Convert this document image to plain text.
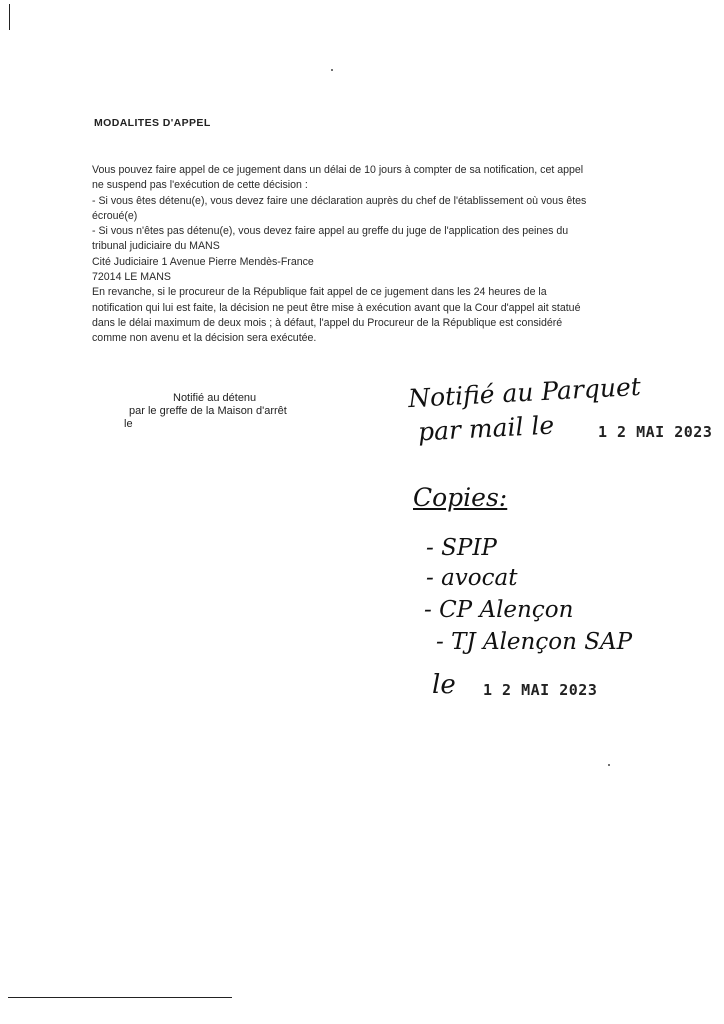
MODALITES D'APPEL
Vous pouvez faire appel de ce jugement dans un délai de 10 jours à compter de sa notification, cet appel
ne suspend pas l'exécution de cette décision :
- Si vous êtes détenu(e), vous devez faire une déclaration auprès du chef de l'établissement où vous êtes
écroué(e)
- Si vous n'êtes pas détenu(e), vous devez faire appel au greffe du juge de l'application des peines du
tribunal judiciaire du MANS
Cité Judiciaire 1 Avenue Pierre Mendès-France
72014 LE MANS
En revanche, si le procureur de la République fait appel de ce jugement dans les 24 heures de la
notification qui lui est faite, la décision ne peut être mise à exécution avant que la Cour d'appel ait statué
dans le délai maximum de deux mois ; à défaut, l'appel du Procureur de la République est considéré
comme non avenu et la décision sera exécutée.
Notifié au détenu
par le greffe de la Maison d'arrêt
le
Notifié au Parquet
par mail le	1 2 MAI 2023
Copies:
- SPIP
- avocat
- CP Alençon
- TJ Alençon SAP
le 1 2 MAI 2023
